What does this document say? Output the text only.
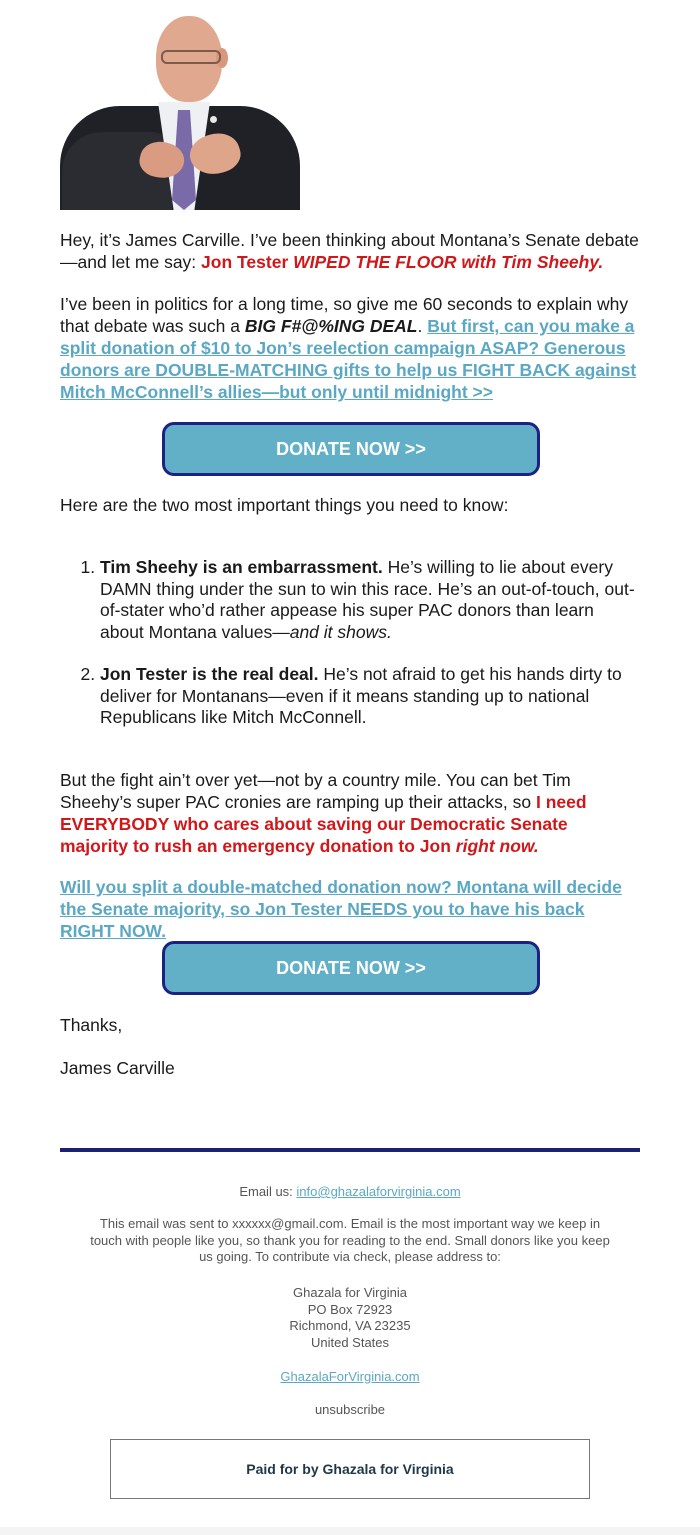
Hey, it’s James Carville. I’ve been thinking about Montana’s Senate debate—and let me say: Jon Tester WIPED THE FLOOR with Tim Sheehy.

I’ve been in politics for a long time, so give me 60 seconds to explain why that debate was such a BIG F#@%ING DEAL. But first, can you make a split donation of $10 to Jon’s reelection campaign ASAP? Generous donors are DOUBLE-MATCHING gifts to help us FIGHT BACK against Mitch McConnell’s allies—but only until midnight >>

DONATE NOW >>

Here are the two most important things you need to know:

1. Tim Sheehy is an embarrassment. He’s willing to lie about every DAMN thing under the sun to win this race. He’s an out-of-touch, out-of-stater who’d rather appease his super PAC donors than learn about Montana values—and it shows.
2. Jon Tester is the real deal. He’s not afraid to get his hands dirty to deliver for Montanans—even if it means standing up to national Republicans like Mitch McConnell.

But the fight ain’t over yet—not by a country mile. You can bet Tim Sheehy’s super PAC cronies are ramping up their attacks, so I need EVERYBODY who cares about saving our Democratic Senate majority to rush an emergency donation to Jon right now.

Will you split a double-matched donation now? Montana will decide the Senate majority, so Jon Tester NEEDS you to have his back RIGHT NOW.

DONATE NOW >>

Thanks,

James Carville

Email us: info@ghazalaforvirginia.com
This email was sent to xxxxxx@gmail.com. Email is the most important way we keep in touch with people like you, so thank you for reading to the end. Small donors like you keep us going. To contribute via check, please address to:
Ghazala for Virginia
PO Box 72923
Richmond, VA 23235
United States
GhazalaForVirginia.com
unsubscribe
Paid for by Ghazala for Virginia
